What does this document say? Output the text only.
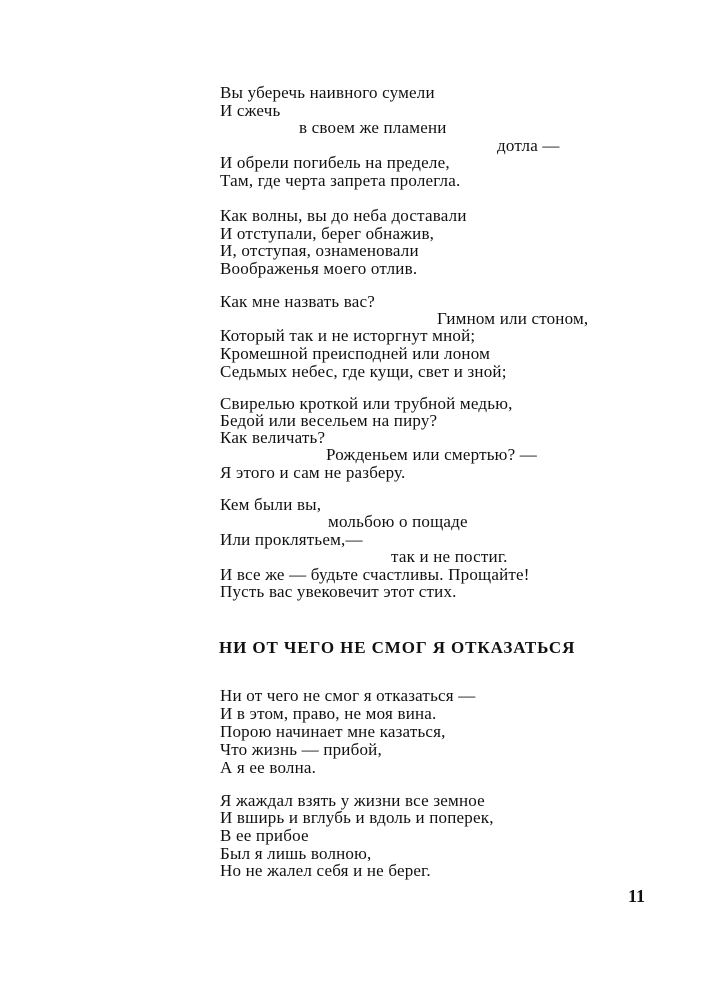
Вы уберечь наивного сумели
И сжечь
в своем же пламени
дотла —
И обрели погибель на пределе,
Там, где черта запрета пролегла.
Как волны, вы до неба доставали
И отступали, берег обнажив,
И, отступая, ознаменовали
Воображенья моего отлив.
Как мне назвать вас?
Гимном или стоном,
Который так и не исторгнут мной;
Кромешной преисподней или лоном
Седьмых небес, где кущи, свет и зной;
Свирелью кроткой или трубной медью,
Бедой или весельем на пиру?
Как величать?
Рожденьем или смертью? —
Я этого и сам не разберу.
Кем были вы,
мольбою о пощаде
Или проклятьем,—
так и не постиг.
И все же — будьте счастливы. Прощайте!
Пусть вас увековечит этот стих.
НИ ОТ ЧЕГО НЕ СМОГ Я ОТКАЗАТЬСЯ
Ни от чего не смог я отказаться —
И в этом, право, не моя вина.
Порою начинает мне казаться,
Что жизнь — прибой,
А я ее волна.
Я жаждал взять у жизни все земное
И вширь и вглубь и вдоль и поперек,
В ее прибое
Был я лишь волною,
Но не жалел себя и не берег.
11
